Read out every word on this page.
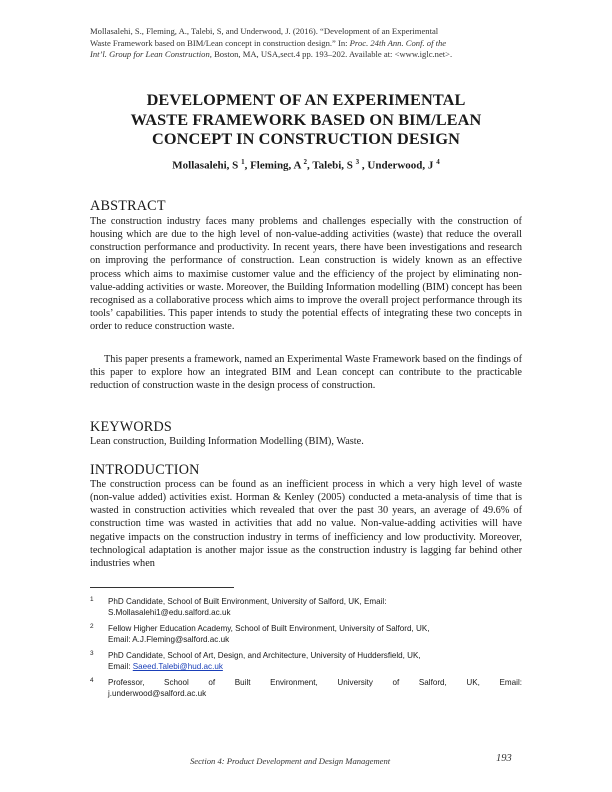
Mollasalehi, S., Fleming, A., Talebi, S, and Underwood, J. (2016). “Development of an Experimental
Waste Framework based on BIM/Lean concept in construction design.” In: Proc. 24th Ann. Conf. of the
Int’l. Group for Lean Construction, Boston, MA, USA,sect.4 pp. 193–202. Available at: <www.iglc.net>.
DEVELOPMENT OF AN EXPERIMENTAL
WASTE FRAMEWORK BASED ON BIM/LEAN
CONCEPT IN CONSTRUCTION DESIGN
Mollasalehi, S $^1$, Fleming, A $^2$, Talebi, S $^3$ , Underwood, J $^4$
ABSTRACT
The construction industry faces many problems and challenges especially with the construction of housing which are due to the high level of non-value-adding activities (waste) that reduce the overall construction performance and productivity. In recent years, there have been investigations and research on improving the performance of construction. Lean construction is widely known as an effective process which aims to maximise customer value and the efficiency of the project by eliminating non-value-adding activities or waste. Moreover, the Building Information modelling (BIM) concept has been recognised as a collaborative process which aims to improve the overall project performance through its tools’ capabilities. This paper intends to study the potential effects of integrating these two concepts in order to reduce construction waste.
This paper presents a framework, named an Experimental Waste Framework based on the findings of this paper to explore how an integrated BIM and Lean concept can contribute to the practicable reduction of construction waste in the design process of construction.
KEYWORDS
Lean construction, Building Information Modelling (BIM), Waste.
INTRODUCTION
The construction process can be found as an inefficient process in which a very high level of waste (non-value added) activities exist. Horman & Kenley (2005) conducted a meta-analysis of time that is wasted in construction activities which revealed that over the past 30 years, an average of 49.6% of construction time was wasted in activities that add no value. Non-value-adding activities will have negative impacts on the construction industry in terms of inefficiency and low productivity. Moreover, technological adaptation is another major issue as the construction industry is lagging far behind other industries when
1 PhD Candidate, School of Built Environment, University of Salford, UK, Email:
S.Mollasalehi1@edu.salford.ac.uk
2 Fellow Higher Education Academy, School of Built Environment, University of Salford, UK,
Email: A.J.Fleming@salford.ac.uk
3 PhD Candidate, School of Art, Design, and Architecture, University of Huddersfield, UK,
Email: Saeed.Talebi@hud.ac.uk
4 Professor, School of Built Environment, University of Salford, UK, Email:
j.underwood@salford.ac.uk
Section 4: Product Development and Design Management	193
